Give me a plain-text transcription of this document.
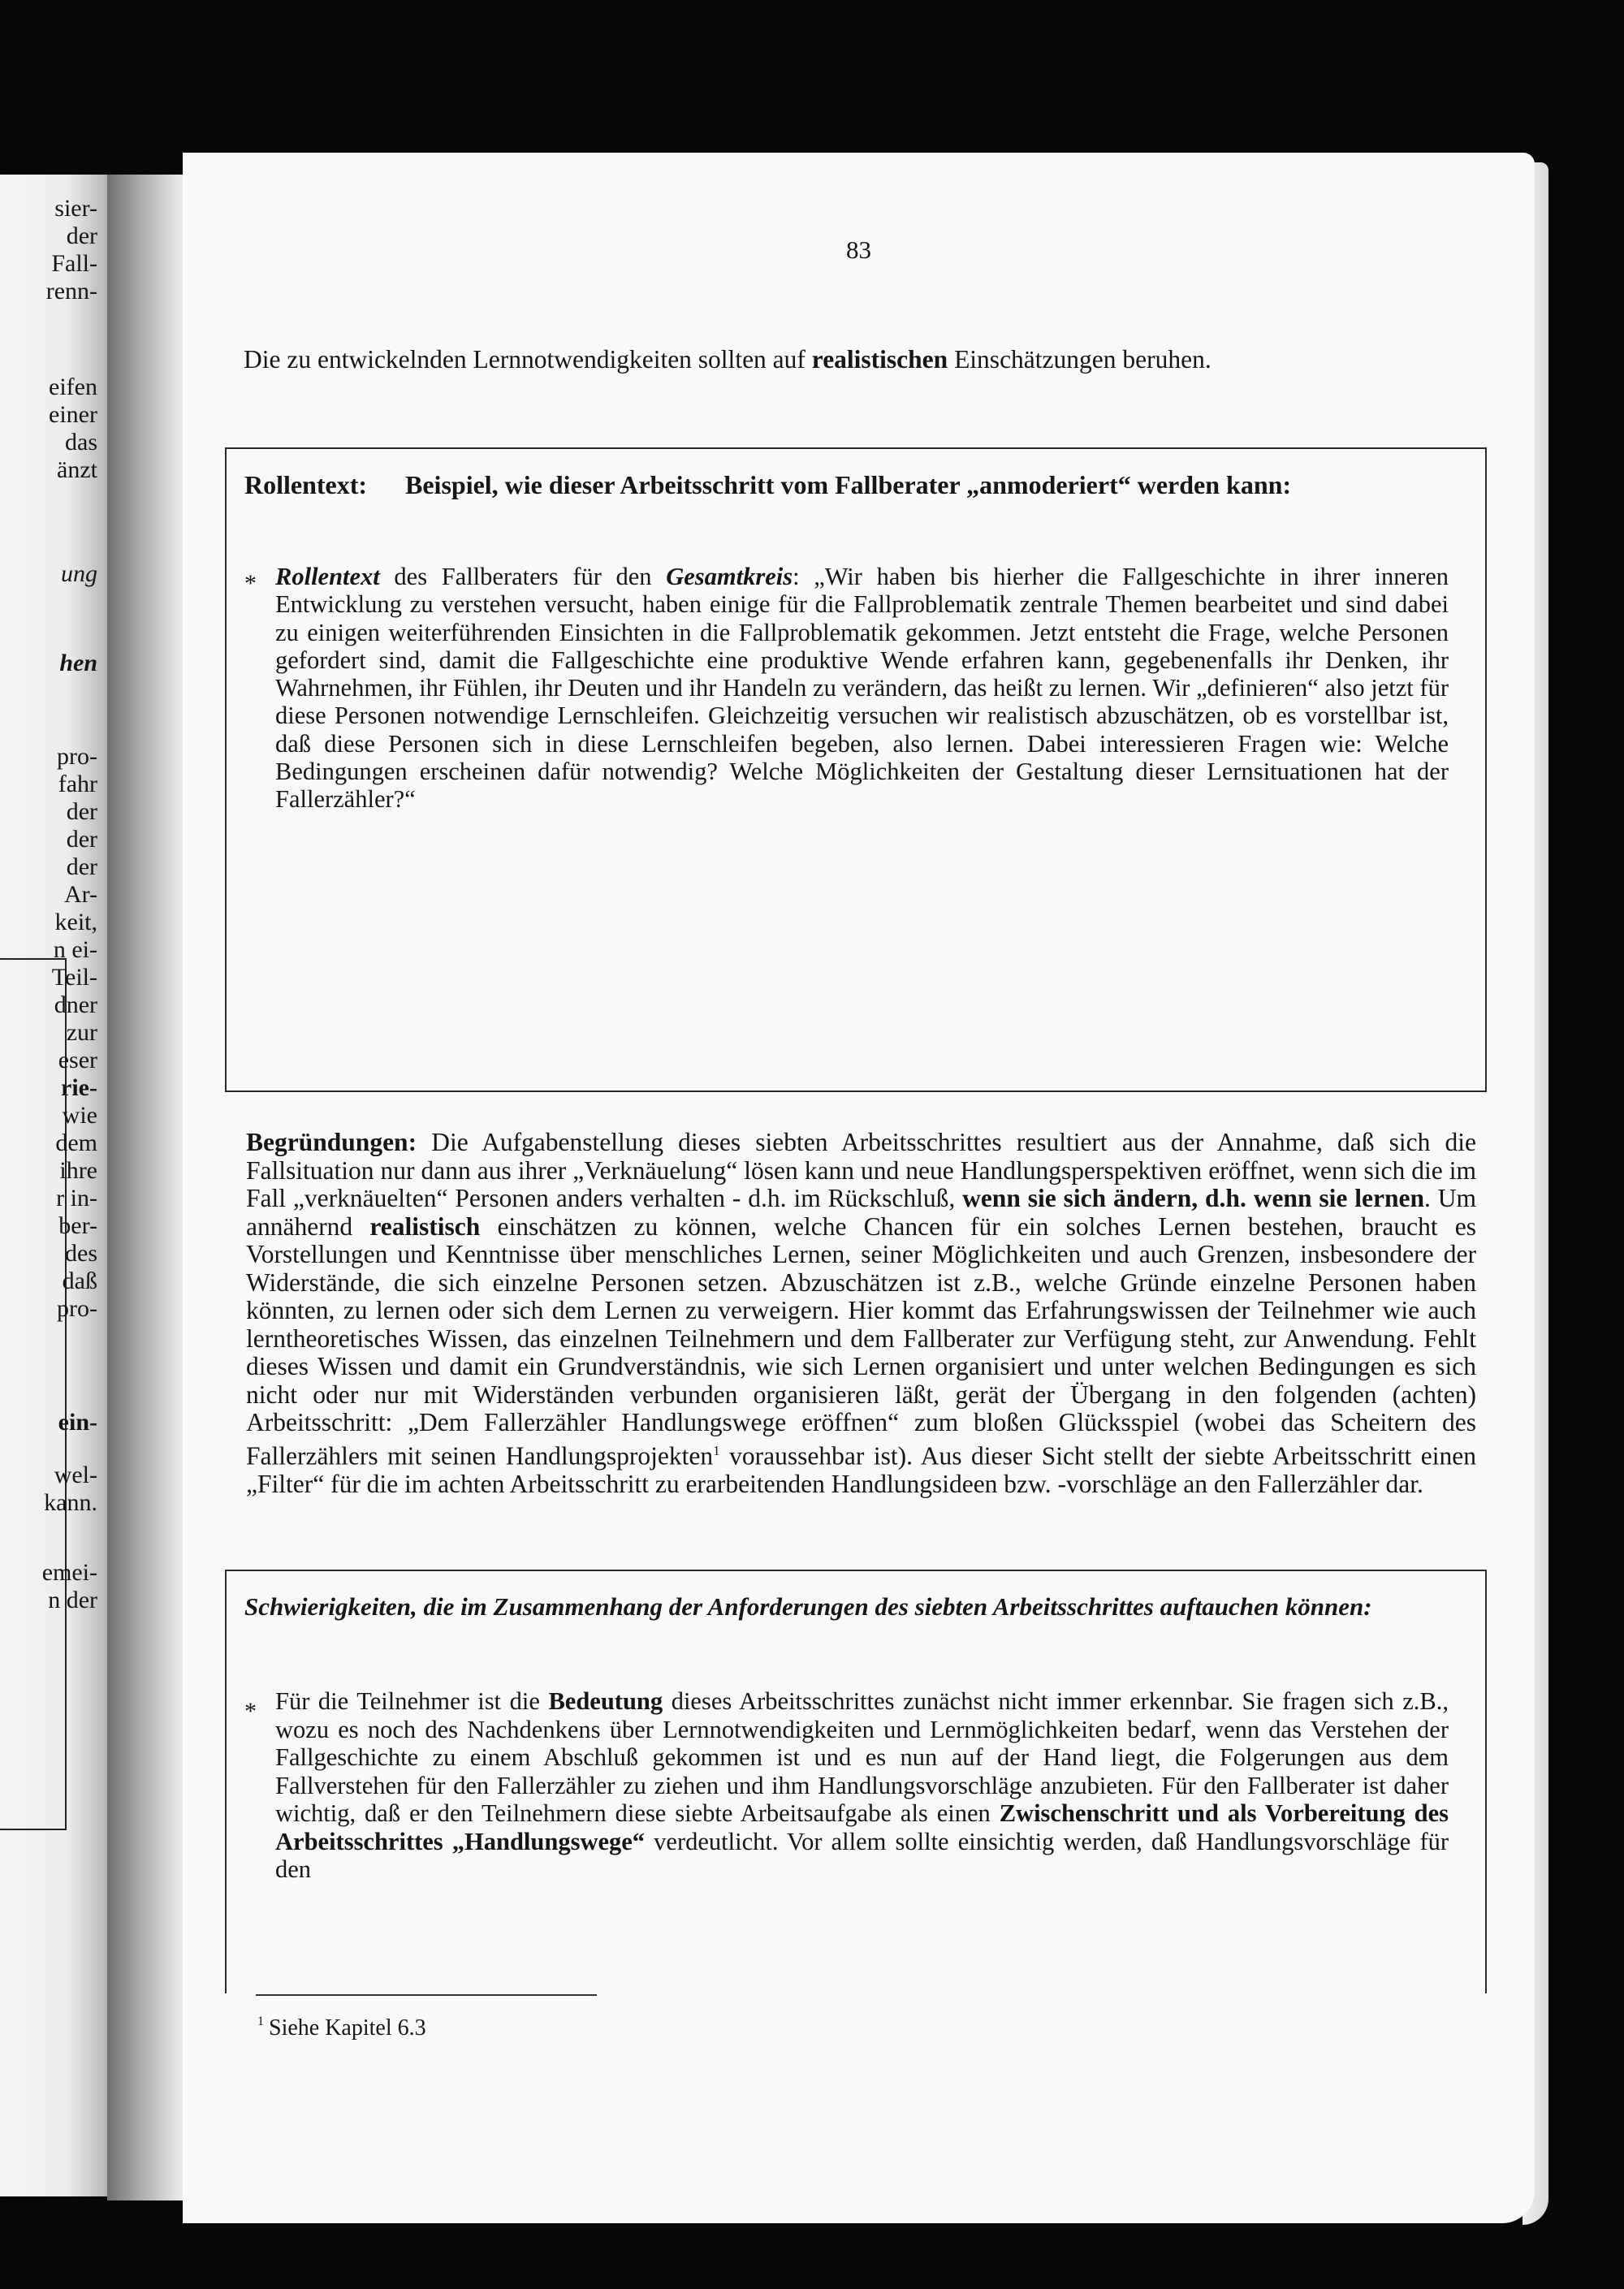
sier-
der
Fall-
renn-
eifen
einer
das
änzt
ung
hen
pro-
fahr
der
der
der
Ar-
keit,
n ei-
Teil-
dner
zur
eser
rie-
wie
dem
ihre
r in-
ber-
des
daß
pro-
ein-
wel-
kann.
emei-
n der
83

Die zu entwickelnden Lernnotwendigkeiten sollten auf realistischen Einschätzungen beruhen.

Rollentext:	Beispiel, wie dieser Arbeitsschritt vom Fallberater „anmoderiert“ werden kann:
* Rollentext des Fallberaters für den Gesamtkreis: „Wir haben bis hierher die Fallgeschichte in ihrer inneren Entwicklung zu verstehen versucht, haben einige für die Fallproblematik zentrale Themen bearbeitet und sind dabei zu einigen weiterführenden Einsichten in die Fallproblematik gekommen. Jetzt entsteht die Frage, welche Personen gefordert sind, damit die Fallgeschichte eine produktive Wende erfahren kann, gegebenenfalls ihr Denken, ihr Wahrnehmen, ihr Fühlen, ihr Deuten und ihr Handeln zu verändern, das heißt zu lernen. Wir „definieren“ also jetzt für diese Personen notwendige Lernschleifen. Gleichzeitig versuchen wir realistisch abzuschätzen, ob es vorstellbar ist, daß diese Personen sich in diese Lernschleifen begeben, also lernen. Dabei interessieren Fragen wie: Welche Bedingungen erscheinen dafür notwendig? Welche Möglichkeiten der Gestaltung dieser Lernsituationen hat der Fallerzähler?“

Begründungen: Die Aufgabenstellung dieses siebten Arbeitsschrittes resultiert aus der Annahme, daß sich die Fallsituation nur dann aus ihrer „Verknäuelung“ lösen kann und neue Handlungsperspektiven eröffnet, wenn sich die im Fall „verknäuelten“ Personen anders verhalten - d.h. im Rückschluß, wenn sie sich ändern, d.h. wenn sie lernen. Um annähernd realistisch einschätzen zu können, welche Chancen für ein solches Lernen bestehen, braucht es Vorstellungen und Kenntnisse über menschliches Lernen, seiner Möglichkeiten und auch Grenzen, insbesondere der Widerstände, die sich einzelne Personen setzen. Abzuschätzen ist z.B., welche Gründe einzelne Personen haben könnten, zu lernen oder sich dem Lernen zu verweigern. Hier kommt das Erfahrungswissen der Teilnehmer wie auch lerntheoretisches Wissen, das einzelnen Teilnehmern und dem Fallberater zur Verfügung steht, zur Anwendung. Fehlt dieses Wissen und damit ein Grundverständnis, wie sich Lernen organisiert und unter welchen Bedingungen es sich nicht oder nur mit Widerständen verbunden organisieren läßt, gerät der Übergang in den folgenden (achten) Arbeitsschritt: „Dem Fallerzähler Handlungswege eröffnen“ zum bloßen Glücksspiel (wobei das Scheitern des Fallerzählers mit seinen Handlungsprojekten$^1$ voraussehbar ist). Aus dieser Sicht stellt der siebte Arbeitsschritt einen „Filter“ für die im achten Arbeitsschritt zu erarbeitenden Handlungsideen bzw. -vorschläge an den Fallerzähler dar.

Schwierigkeiten, die im Zusammenhang der Anforderungen des siebten Arbeitsschrittes auftauchen können:
* Für die Teilnehmer ist die Bedeutung dieses Arbeitsschrittes zunächst nicht immer erkennbar. Sie fragen sich z.B., wozu es noch des Nachdenkens über Lernnotwendigkeiten und Lernmöglichkeiten bedarf, wenn das Verstehen der Fallgeschichte zu einem Abschluß gekommen ist und es nun auf der Hand liegt, die Folgerungen aus dem Fallverstehen für den Fallerzähler zu ziehen und ihm Handlungsvorschläge anzubieten. Für den Fallberater ist daher wichtig, daß er den Teilnehmern diese siebte Arbeitsaufgabe als einen Zwischenschritt und als Vorbereitung des Arbeitsschrittes „Handlungswege“ verdeutlicht. Vor allem sollte einsichtig werden, daß Handlungsvorschläge für den

$^1$ Siehe Kapitel 6.3
